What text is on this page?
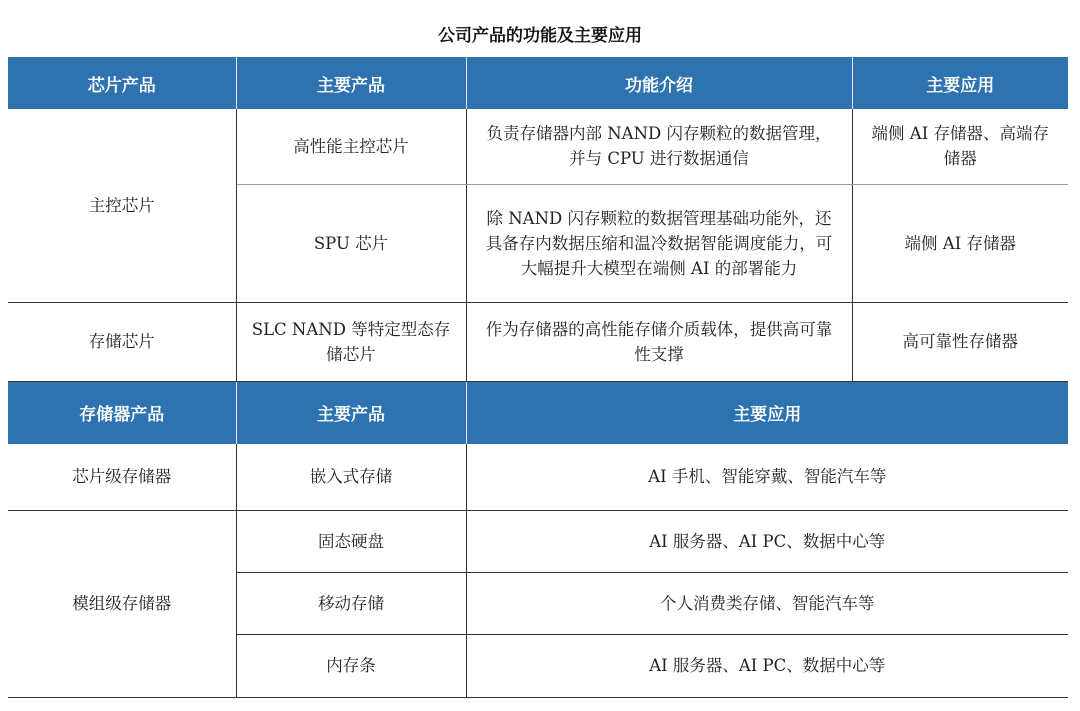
公司产品的功能及主要应用
芯片产品	主要产品	功能介绍	主要应用
主控芯片	高性能主控芯片	负责存储器内部 NAND 闪存颗粒的数据管理，并与 CPU 进行数据通信	端侧 AI 存储器、高端存储器
	SPU 芯片	除 NAND 闪存颗粒的数据管理基础功能外，还具备存内数据压缩和温冷数据智能调度能力，可大幅提升大模型在端侧 AI 的部署能力	端侧 AI 存储器
存储芯片	SLC NAND 等特定型态存储芯片	作为存储器的高性能存储介质载体，提供高可靠性支撑	高可靠性存储器
存储器产品	主要产品	主要应用	
芯片级存储器	嵌入式存储	AI 手机、智能穿戴、智能汽车等	
模组级存储器	固态硬盘	AI 服务器、AI PC、数据中心等	
	移动存储	个人消费类存储、智能汽车等	
	内存条	AI 服务器、AI PC、数据中心等	
